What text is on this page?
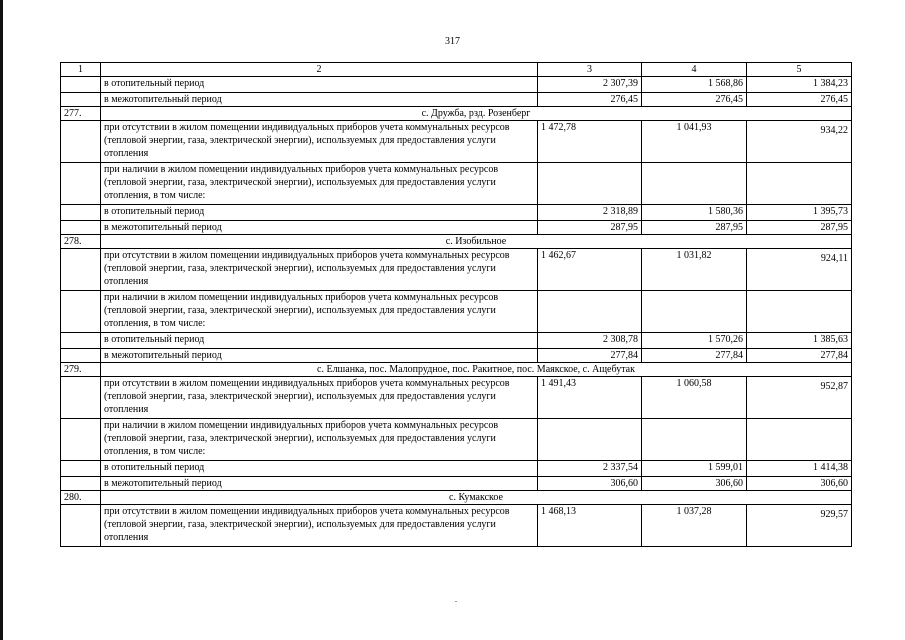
317
1	2	3	4	5
	в отопительный период	2 307,39	1 568,86	1 384,23
	в межотопительный период	276,45	276,45	276,45
277.	с. Дружба, рзд. Розенберг			
	при отсутствии в жилом помещении индивидуальных приборов учета коммунальных ресурсов (тепловой энергии, газа, электрической энергии), используемых для предоставления услуги отопления	1 472,78	1 041,93	934,22
	при наличии в жилом помещении индивидуальных приборов учета коммунальных ресурсов (тепловой энергии, газа, электрической энергии), используемых для предоставления услуги отопления, в том числе:			
	в отопительный период	2 318,89	1 580,36	1 395,73
	в межотопительный период	287,95	287,95	287,95
278.	с. Изобильное			
	при отсутствии в жилом помещении индивидуальных приборов учета коммунальных ресурсов (тепловой энергии, газа, электрической энергии), используемых для предоставления услуги отопления	1 462,67	1 031,82	924,11
	при наличии в жилом помещении индивидуальных приборов учета коммунальных ресурсов (тепловой энергии, газа, электрической энергии), используемых для предоставления услуги отопления, в том числе:			
	в отопительный период	2 308,78	1 570,26	1 385,63
	в межотопительный период	277,84	277,84	277,84
279.	с. Елшанка, пос. Малопрудное, пос. Ракитное, пос. Маякское, с. Ащебутак			
	при отсутствии в жилом помещении индивидуальных приборов учета коммунальных ресурсов (тепловой энергии, газа, электрической энергии), используемых для предоставления услуги отопления	1 491,43	1 060,58	952,87
	при наличии в жилом помещении индивидуальных приборов учета коммунальных ресурсов (тепловой энергии, газа, электрической энергии), используемых для предоставления услуги отопления, в том числе:			
	в отопительный период	2 337,54	1 599,01	1 414,38
	в межотопительный период	306,60	306,60	306,60
280.	с. Кумакское			
	при отсутствии в жилом помещении индивидуальных приборов учета коммунальных ресурсов (тепловой энергии, газа, электрической энергии), используемых для предоставления услуги отопления	1 468,13	1 037,28	929,57
